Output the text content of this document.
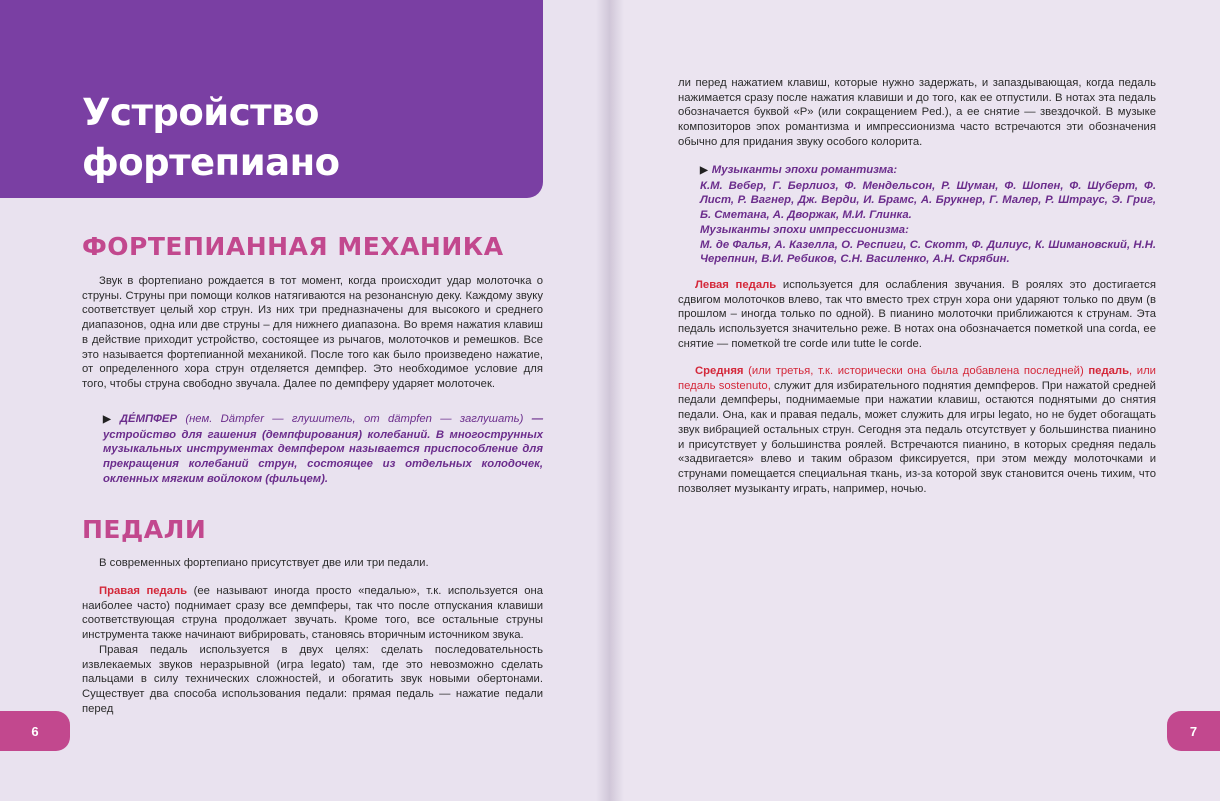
Устройство
фортепиано
ФОРТЕПИАННАЯ МЕХАНИКА

Звук в фортепиано рождается в тот момент, когда происходит удар молоточка о струны. Струны при помощи колков натягиваются на резонансную деку. Каждому звуку соответствует целый хор струн. Из них три предназначены для высокого и среднего диапазонов, одна или две струны – для нижнего диапазона. Во время нажатия клавиш в действие приходит устройство, состоящее из рычагов, молоточков и ремешков. Все это называется фортепианной механикой. После того как было произведено нажатие, от определенного хора струн отделяется демпфер. Это необходимое условие для того, чтобы струна свободно звучала. Далее по демпферу ударяет молоточек.

▶ ДЕ́МПФЕР (нем. Dämpfer — глушитель, от dämpfen — заглушать) — устройство для гашения (демпфирования) колебаний. В многострунных музыкальных инструментах демпфером называется приспособление для прекращения колебаний струн, состоящее из отдельных колодочек, окленных мягким войлоком (фильцем).
ПЕДАЛИ

В современных фортепиано присутствует две или три педали.

Правая педаль (ее называют иногда просто «педалью», т.к. используется она наиболее часто) поднимает сразу все демпферы, так что после отпускания клавиши соответствующая струна продолжает звучать. Кроме того, все остальные струны инструмента также начинают вибрировать, становясь вторичным источником звука.

Правая педаль используется в двух целях: сделать последовательность извлекаемых звуков неразрывной (игра legato) там, где это невозможно сделать пальцами в силу технических сложностей, и обогатить звук новыми обертонами. Существует два способа использования педали: прямая педаль — нажатие педали перед

ли перед нажатием клавиш, которые нужно задержать, и запаздывающая, когда педаль нажимается сразу после нажатия клавиши и до того, как ее отпустили. В нотах эта педаль обозначается буквой «P» (или сокращением Ped.), а ее снятие — звездочкой. В музыке композиторов эпох романтизма и импрессионизма часто встречаются эти обозначения обычно для придания звуку особого колорита.

▶ Музыканты эпохи романтизма:
К.М. Вебер, Г. Берлиоз, Ф. Мендельсон, Р. Шуман, Ф. Шопен, Ф. Шуберт, Ф. Лист, Р. Вагнер, Дж. Верди, И. Брамс, А. Брукнер, Г. Малер, Р. Штраус, Э. Григ, Б. Сметана, А. Дворжак, М.И. Глинка.
Музыканты эпохи импрессионизма:
М. де Фалья, А. Казелла, О. Респиги, С. Скотт, Ф. Дилиус, К. Шимановский, Н.Н. Черепнин, В.И. Ребиков, С.Н. Василенко, А.Н. Скрябин.

Левая педаль используется для ослабления звучания. В роялях это достигается сдвигом молоточков влево, так что вместо трех струн хора они ударяют только по двум (в прошлом – иногда только по одной). В пианино молоточки приближаются к струнам. Эта педаль используется значительно реже. В нотах она обозначается пометкой una corda, ее снятие — пометкой tre corde или tutte le corde.

Средняя (или третья, т.к. исторически она была добавлена последней) педаль, или педаль sostenuto, служит для избирательного поднятия демпферов. При нажатой средней педали демпферы, поднимаемые при нажатии клавиш, остаются поднятыми до снятия педали. Она, как и правая педаль, может служить для игры legato, но не будет обогащать звук вибрацией остальных струн. Сегодня эта педаль отсутствует у большинства пианино и присутствует у большинства роялей. Встречаются пианино, в которых средняя педаль «задвигается» влево и таким образом фиксируется, при этом между молоточками и струнами помещается специальная ткань, из-за которой звук становится очень тихим, что позволяет музыканту играть, например, ночью.

6	7
